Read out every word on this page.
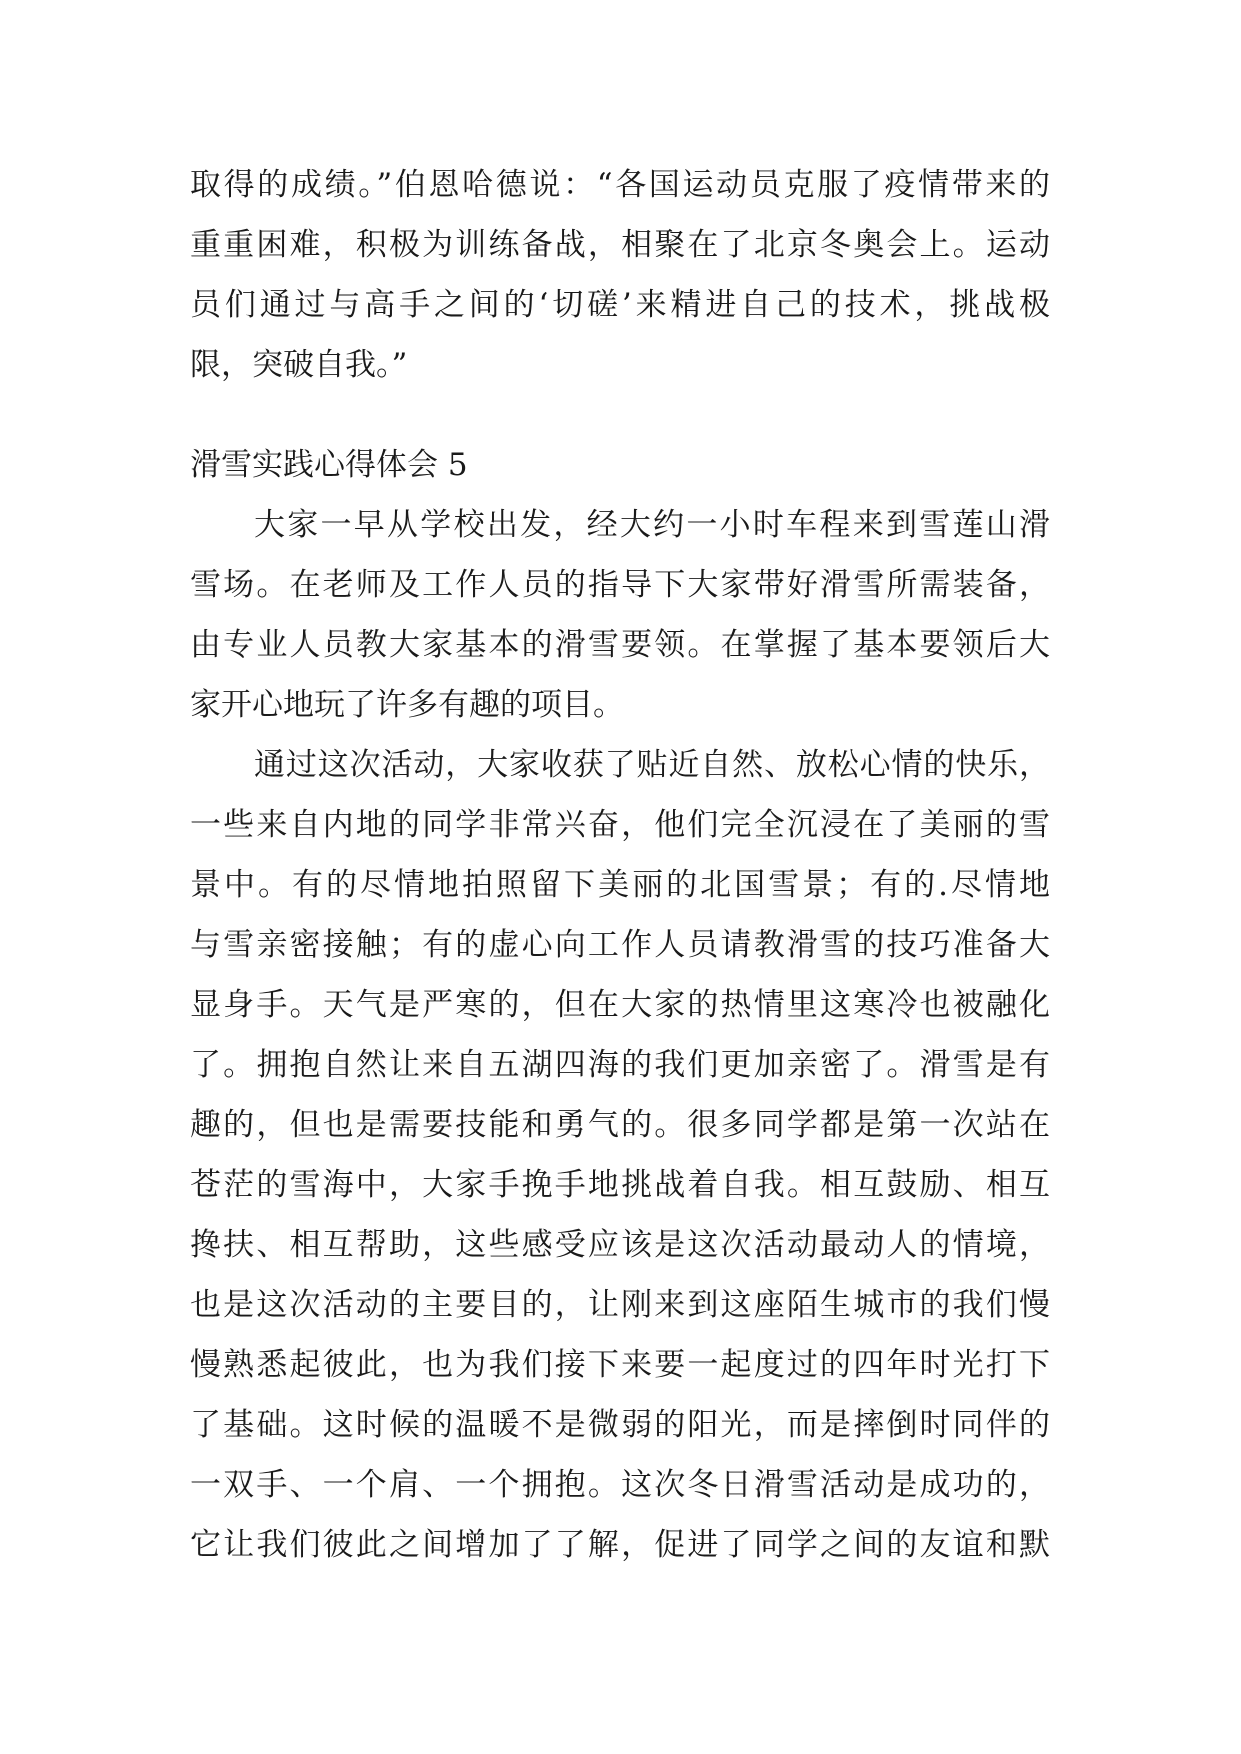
取得的成绩。”伯恩哈德说：“各国运动员克服了疫情带来的
重重困难，积极为训练备战，相聚在了北京冬奥会上。运动
员们通过与高手之间的‘切磋’来精进自己的技术，挑战极
限，突破自我。”
滑雪实践心得体会 5
大家一早从学校出发，经大约一小时车程来到雪莲山滑
雪场。在老师及工作人员的指导下大家带好滑雪所需装备，
由专业人员教大家基本的滑雪要领。在掌握了基本要领后大
家开心地玩了许多有趣的项目。
通过这次活动，大家收获了贴近自然、放松心情的快乐，
一些来自内地的同学非常兴奋，他们完全沉浸在了美丽的雪
景中。有的尽情地拍照留下美丽的北国雪景；有的.尽情地
与雪亲密接触；有的虚心向工作人员请教滑雪的技巧准备大
显身手。天气是严寒的，但在大家的热情里这寒冷也被融化
了。拥抱自然让来自五湖四海的我们更加亲密了。滑雪是有
趣的，但也是需要技能和勇气的。很多同学都是第一次站在
苍茫的雪海中，大家手挽手地挑战着自我。相互鼓励、相互
搀扶、相互帮助，这些感受应该是这次活动最动人的情境，
也是这次活动的主要目的，让刚来到这座陌生城市的我们慢
慢熟悉起彼此，也为我们接下来要一起度过的四年时光打下
了基础。这时候的温暖不是微弱的阳光，而是摔倒时同伴的
一双手、一个肩、一个拥抱。这次冬日滑雪活动是成功的，
它让我们彼此之间增加了了解，促进了同学之间的友谊和默
